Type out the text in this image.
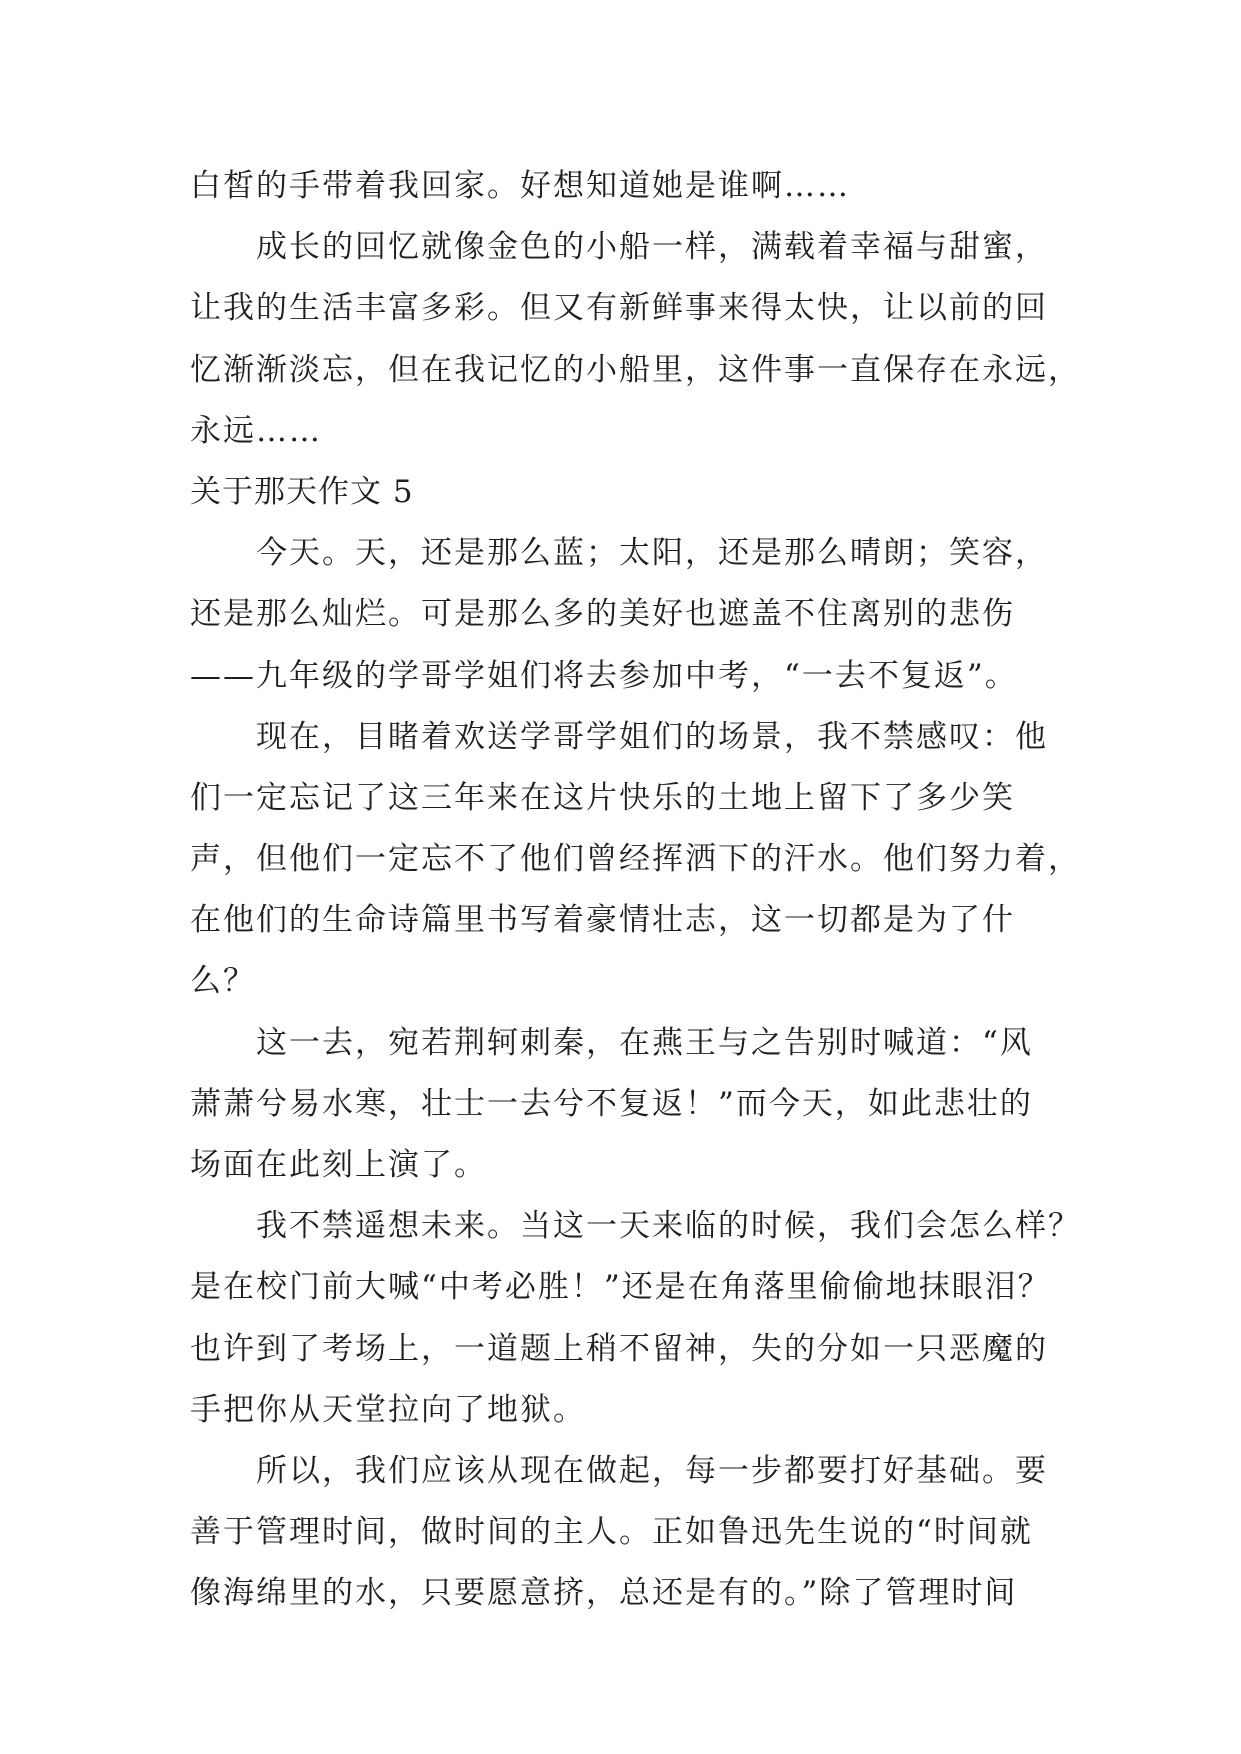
白皙的手带着我回家。好想知道她是谁啊……
　　成长的回忆就像金色的小船一样，满载着幸福与甜蜜，
让我的生活丰富多彩。但又有新鲜事来得太快，让以前的回
忆渐渐淡忘，但在我记忆的小船里，这件事一直保存在永远，
永远……
关于那天作文 5
　　今天。天，还是那么蓝；太阳，还是那么晴朗；笑容，
还是那么灿烂。可是那么多的美好也遮盖不住离别的悲伤
——九年级的学哥学姐们将去参加中考，“一去不复返”。
　　现在，目睹着欢送学哥学姐们的场景，我不禁感叹：他
们一定忘记了这三年来在这片快乐的土地上留下了多少笑
声，但他们一定忘不了他们曾经挥洒下的汗水。他们努力着，
在他们的生命诗篇里书写着豪情壮志，这一切都是为了什
么？
　　这一去，宛若荆轲刺秦，在燕王与之告别时喊道：“风
萧萧兮易水寒，壮士一去兮不复返！”而今天，如此悲壮的
场面在此刻上演了。
　　我不禁遥想未来。当这一天来临的时候，我们会怎么样？
是在校门前大喊“中考必胜！”还是在角落里偷偷地抹眼泪？
也许到了考场上，一道题上稍不留神，失的分如一只恶魔的
手把你从天堂拉向了地狱。
　　所以，我们应该从现在做起，每一步都要打好基础。要
善于管理时间，做时间的主人。正如鲁迅先生说的“时间就
像海绵里的水，只要愿意挤，总还是有的。”除了管理时间
